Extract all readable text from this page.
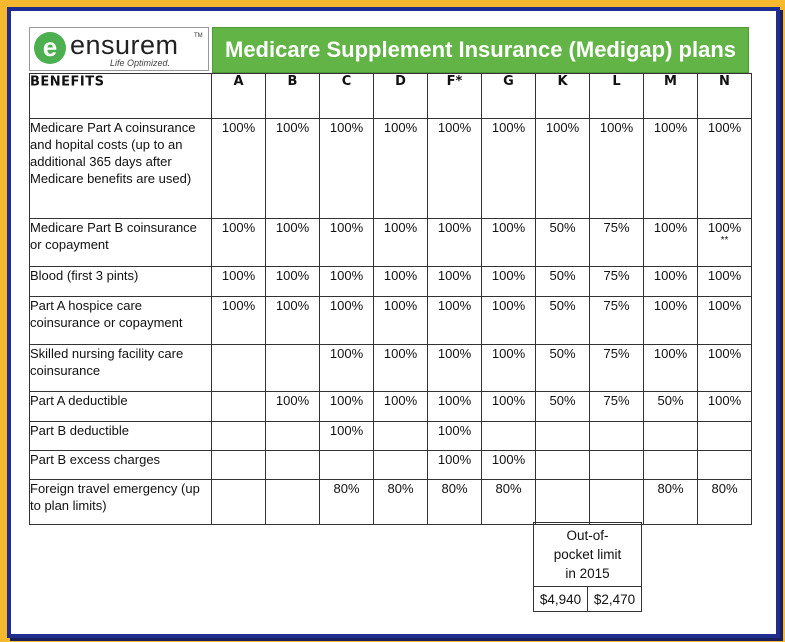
e ensurem	TM
Life Optimized.
Medicare Supplement Insurance (Medigap) plans
BENEFITS	A	B	C	D	F*	G	K	L	M	N
Medicare Part A coinsurance and hopital costs (up to an additional 365 days after Medicare benefits are used)	100%	100%	100%	100%	100%	100%	100%	100%	100%	100%
Medicare Part B coinsurance or copayment	100%	100%	100%	100%	100%	100%	50%	75%	100%	100%
**

Blood (first 3 pints)	100%	100%	100%	100%	100%	100%	50%	75%	100%	100%
Part A hospice care coinsurance or copayment	100%	100%	100%	100%	100%	100%	50%	75%	100%	100%
Skilled nursing facility care coinsurance			100%	100%	100%	100%	50%	75%	100%	100%
Part A deductible		100%	100%	100%	100%	100%	50%	75%	50%	100%
Part B deductible			100%		100%					
Part B excess charges					100%	100%				
Foreign travel emergency (up to plan limits)			80%	80%	80%	80%			80%	80%
Out-of-
pocket limit
in 2015

$4,940	$2,470
